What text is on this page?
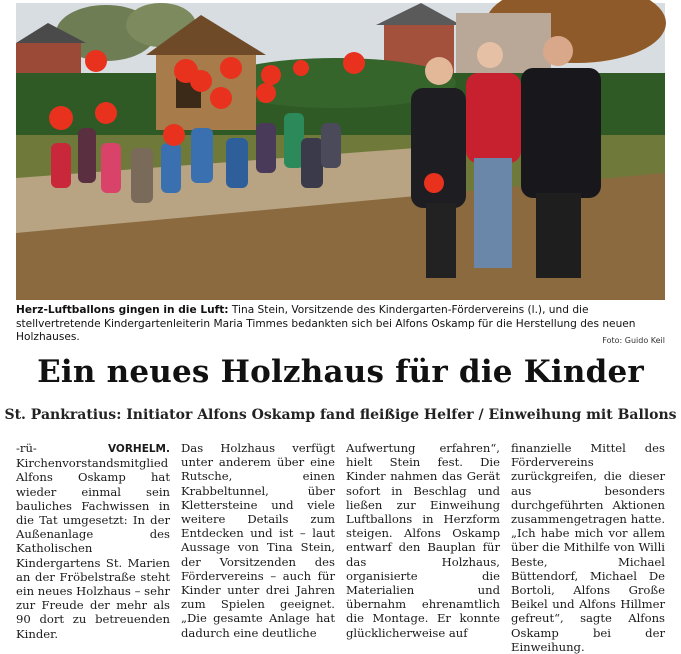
Herz-Luftballons gingen in die Luft: Tina Stein, Vorsitzende des Kindergarten-Fördervereins (l.), und die stellvertretende Kindergartenleiterin Maria Timmes bedankten sich bei Alfons Oskamp für die Herstellung des neuen Holzhauses.	Foto: Guido Keil
Ein neues Holzhaus für die Kinder
St. Pankratius: Initiator Alfons Oskamp fand fleißige Helfer / Einweihung mit Ballons

-rü-	VORHELM. Kirchenvorstandsmitglied Alfons Oskamp hat wieder einmal sein bauliches Fachwissen in die Tat umgesetzt: In der Außenanlage des Katholischen Kindergartens St. Marien an der Fröbelstraße steht ein neues Holzhaus – sehr zur Freude der mehr als 90 dort zu betreuenden Kinder.

Das Holzhaus verfügt unter anderem über eine Rutsche, einen Krabbeltunnel, über Klettersteine und viele weitere Details zum Entdecken und ist – laut Aussage von Tina Stein, der Vorsitzenden des Fördervereins – auch für Kinder unter drei Jahren zum Spielen geeignet. „Die gesamte Anlage hat dadurch eine deutliche

Aufwertung erfahren“, hielt Stein fest. Die Kinder nahmen das Gerät sofort in Beschlag und ließen zur Einweihung Luftballons in Herzform steigen. Alfons Oskamp entwarf den Bauplan für das Holzhaus, organisierte die Materialien und übernahm ehrenamtlich die Montage. Er konnte glücklicherweise auf

finanzielle Mittel des Fördervereins zurückgreifen, die dieser aus besonders durchgeführten Aktionen zusammengetragen hatte. „Ich habe mich vor allem über die Mithilfe von Willi Beste, Michael Büttendorf, Michael De Bortoli, Alfons Große Beikel und Alfons Hillmer gefreut“, sagte Alfons Oskamp bei der Einweihung.
